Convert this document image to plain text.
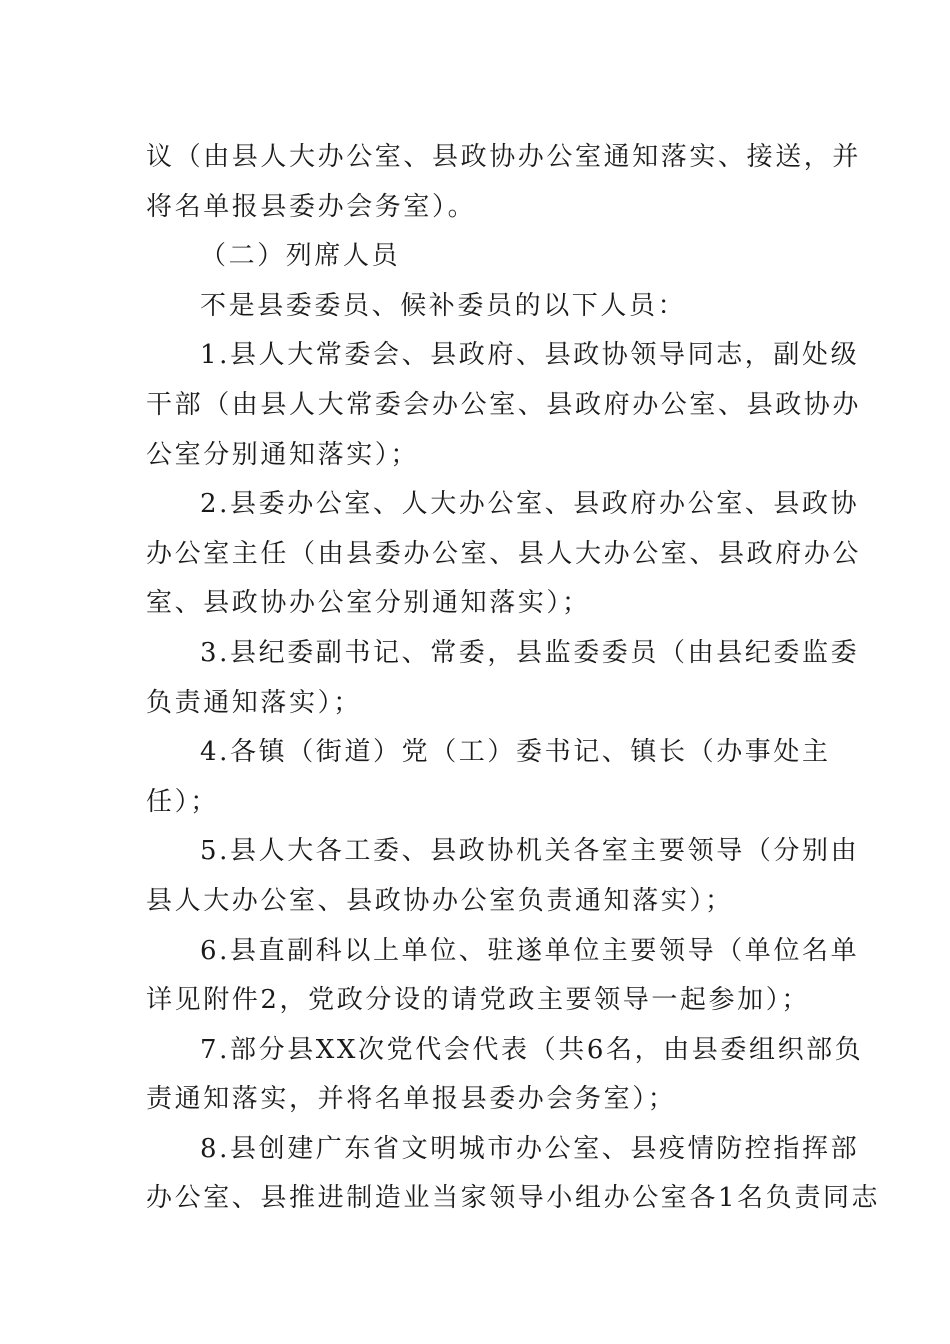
议（由县人大办公室、县政协办公室通知落实、接送，并
将名单报县委办会务室）。
（二）列席人员
不是县委委员、候补委员的以下人员：
1.县人大常委会、县政府、县政协领导同志，副处级
干部（由县人大常委会办公室、县政府办公室、县政协办
公室分别通知落实）；
2.县委办公室、人大办公室、县政府办公室、县政协
办公室主任（由县委办公室、县人大办公室、县政府办公
室、县政协办公室分别通知落实）；
3.县纪委副书记、常委，县监委委员（由县纪委监委
负责通知落实）；
4.各镇（街道）党（工）委书记、镇长（办事处主
任）；
5.县人大各工委、县政协机关各室主要领导（分别由
县人大办公室、县政协办公室负责通知落实）；
6.县直副科以上单位、驻遂单位主要领导（单位名单
详见附件2，党政分设的请党政主要领导一起参加）；
7.部分县XX次党代会代表（共6名，由县委组织部负
责通知落实，并将名单报县委办会务室）；
8.县创建广东省文明城市办公室、县疫情防控指挥部
办公室、县推进制造业当家领导小组办公室各1名负责同志
